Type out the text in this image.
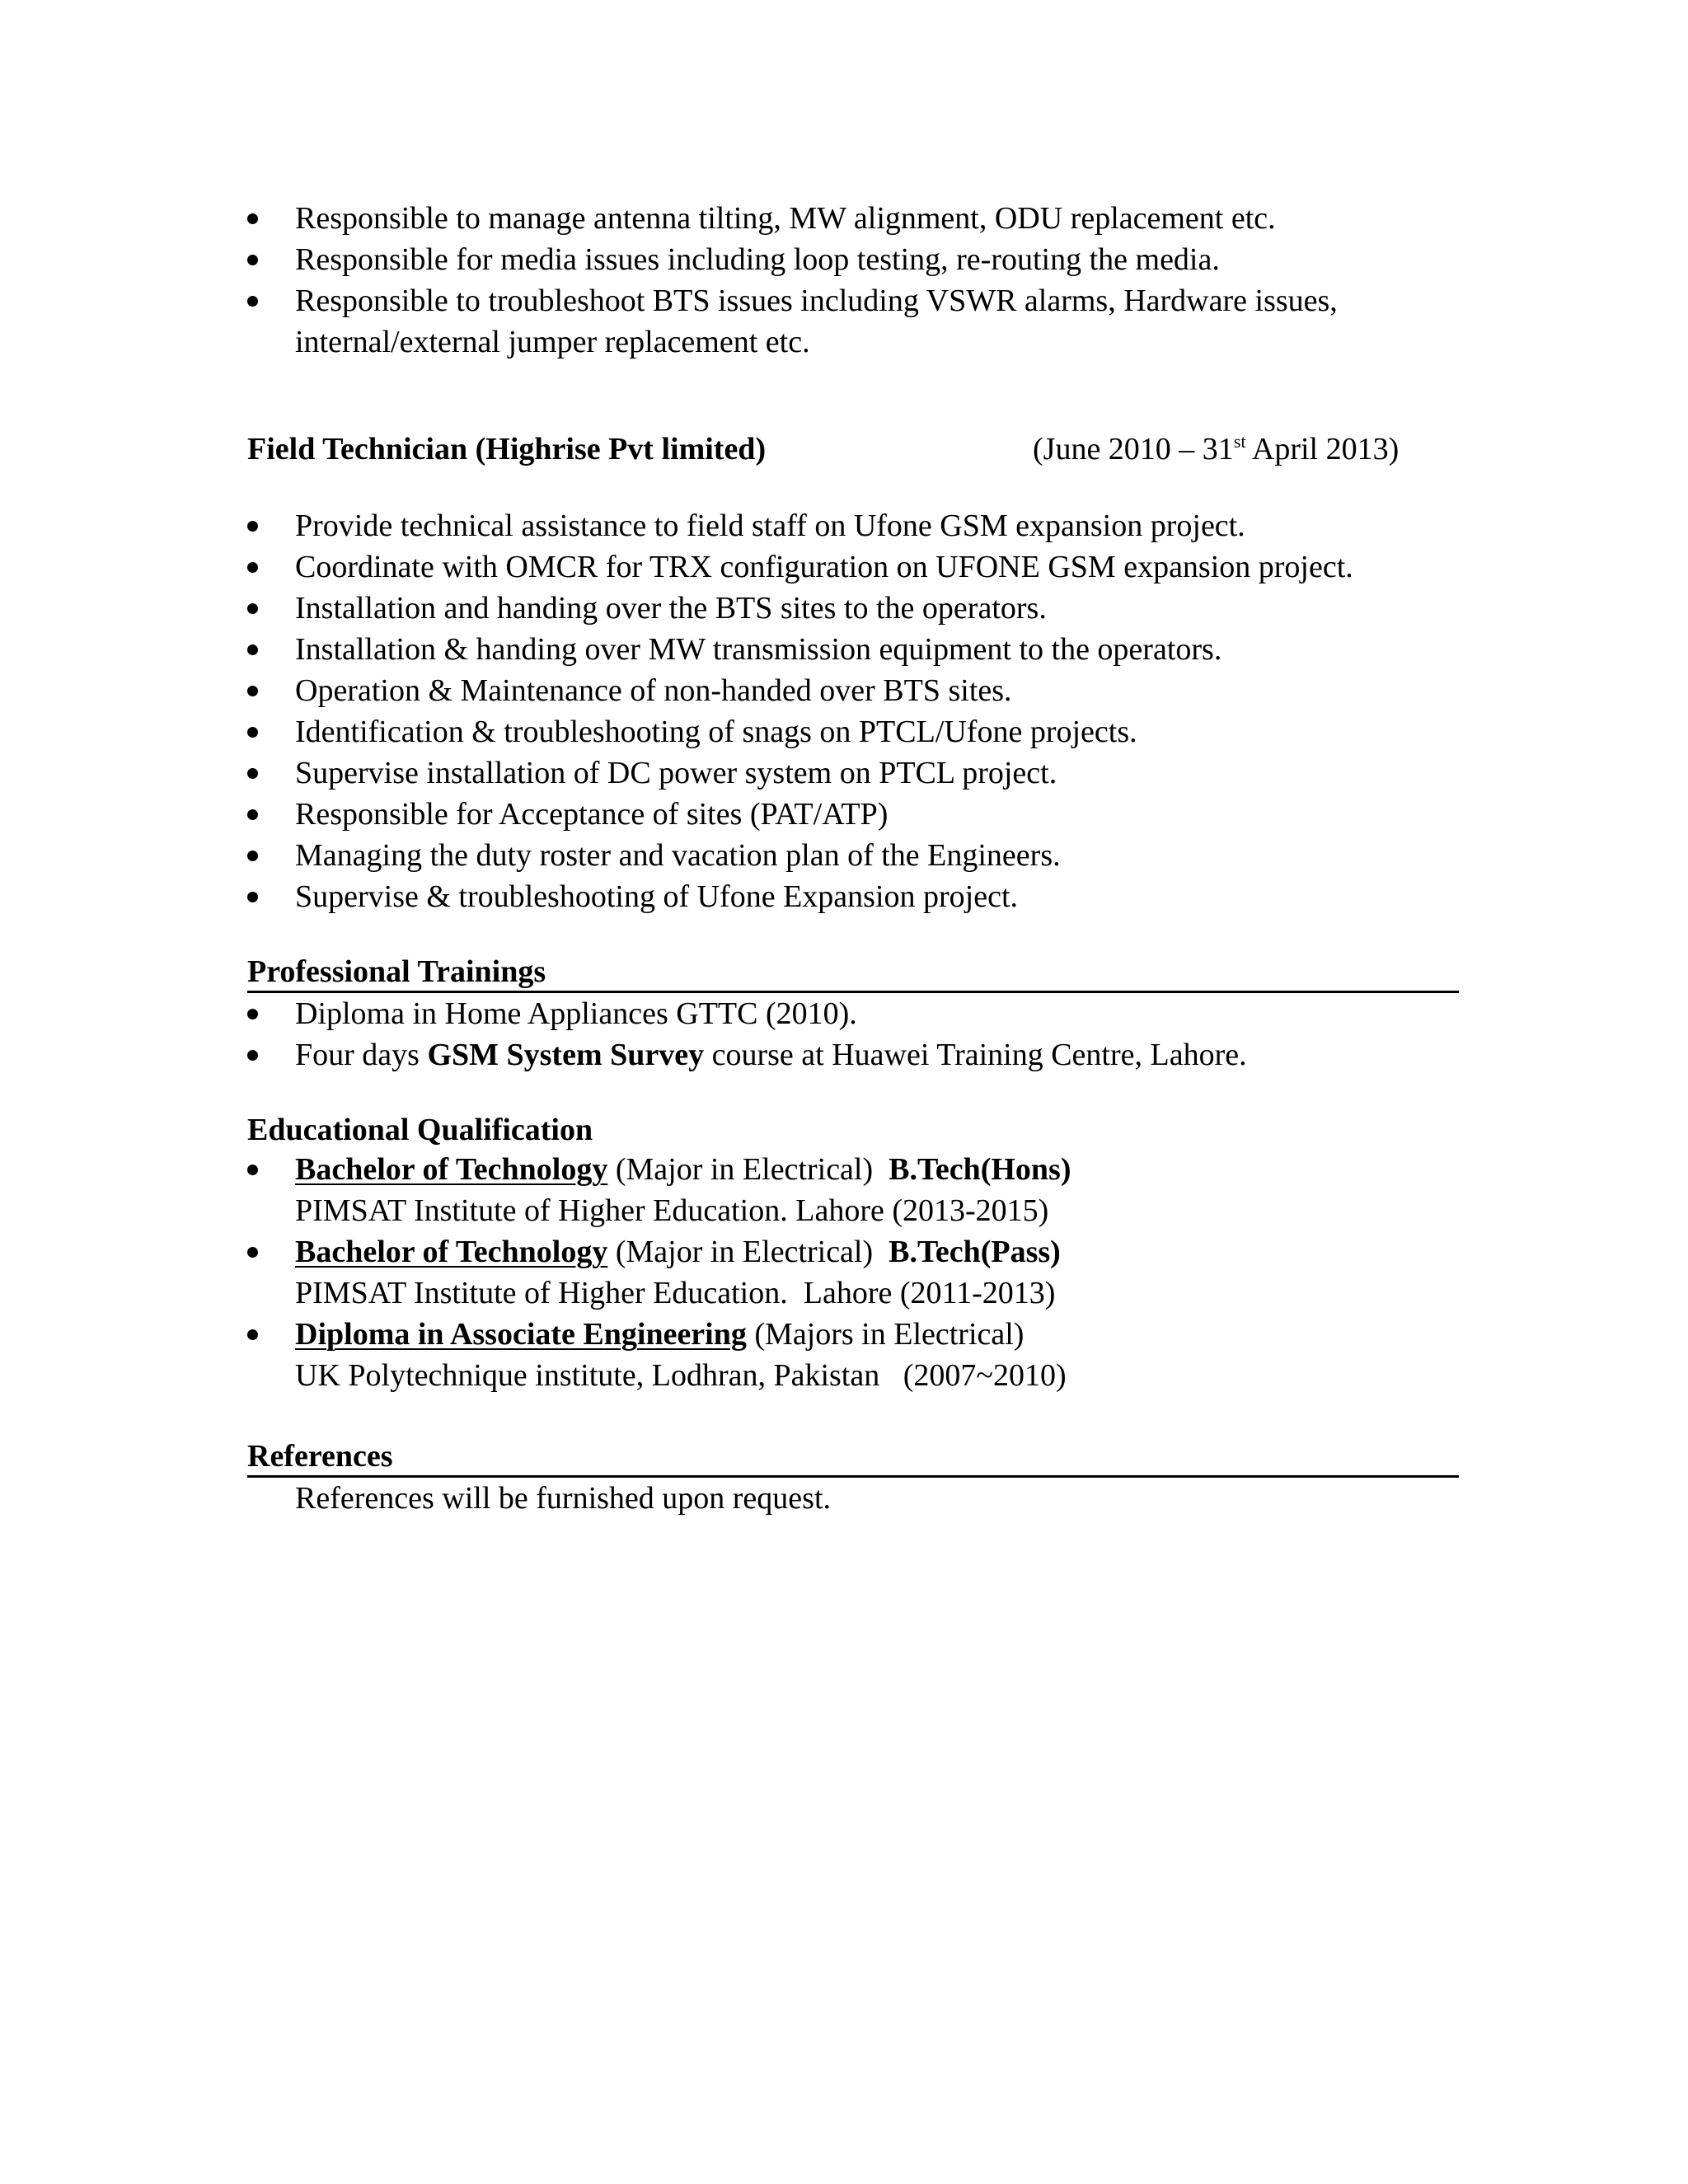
Responsible to manage antenna tilting, MW alignment, ODU replacement etc.
Responsible for media issues including loop testing, re-routing the media.
Responsible to troubleshoot BTS issues including VSWR alarms, Hardware issues, internal/external jumper replacement etc.
Field Technician (Highrise Pvt limited)	(June 2010 – 31st April 2013)
Provide technical assistance to field staff on Ufone GSM expansion project.
Coordinate with OMCR for TRX configuration on UFONE GSM expansion project.
Installation and handing over the BTS sites to the operators.
Installation & handing over MW transmission equipment to the operators.
Operation & Maintenance of non-handed over BTS sites.
Identification & troubleshooting of snags on PTCL/Ufone projects.
Supervise installation of DC power system on PTCL project.
Responsible for Acceptance of sites (PAT/ATP)
Managing the duty roster and vacation plan of the Engineers.
Supervise & troubleshooting of Ufone Expansion project.
Professional Trainings
Diploma in Home Appliances GTTC (2010).
Four days GSM System Survey course at Huawei Training Centre, Lahore.
Educational Qualification
Bachelor of Technology (Major in Electrical)  B.Tech(Hons)
PIMSAT Institute of Higher Education. Lahore (2013-2015)
Bachelor of Technology (Major in Electrical)  B.Tech(Pass)
PIMSAT Institute of Higher Education.  Lahore (2011-2013)
Diploma in Associate Engineering (Majors in Electrical)
UK Polytechnique institute, Lodhran, Pakistan   (2007~2010)
References
References will be furnished upon request.
